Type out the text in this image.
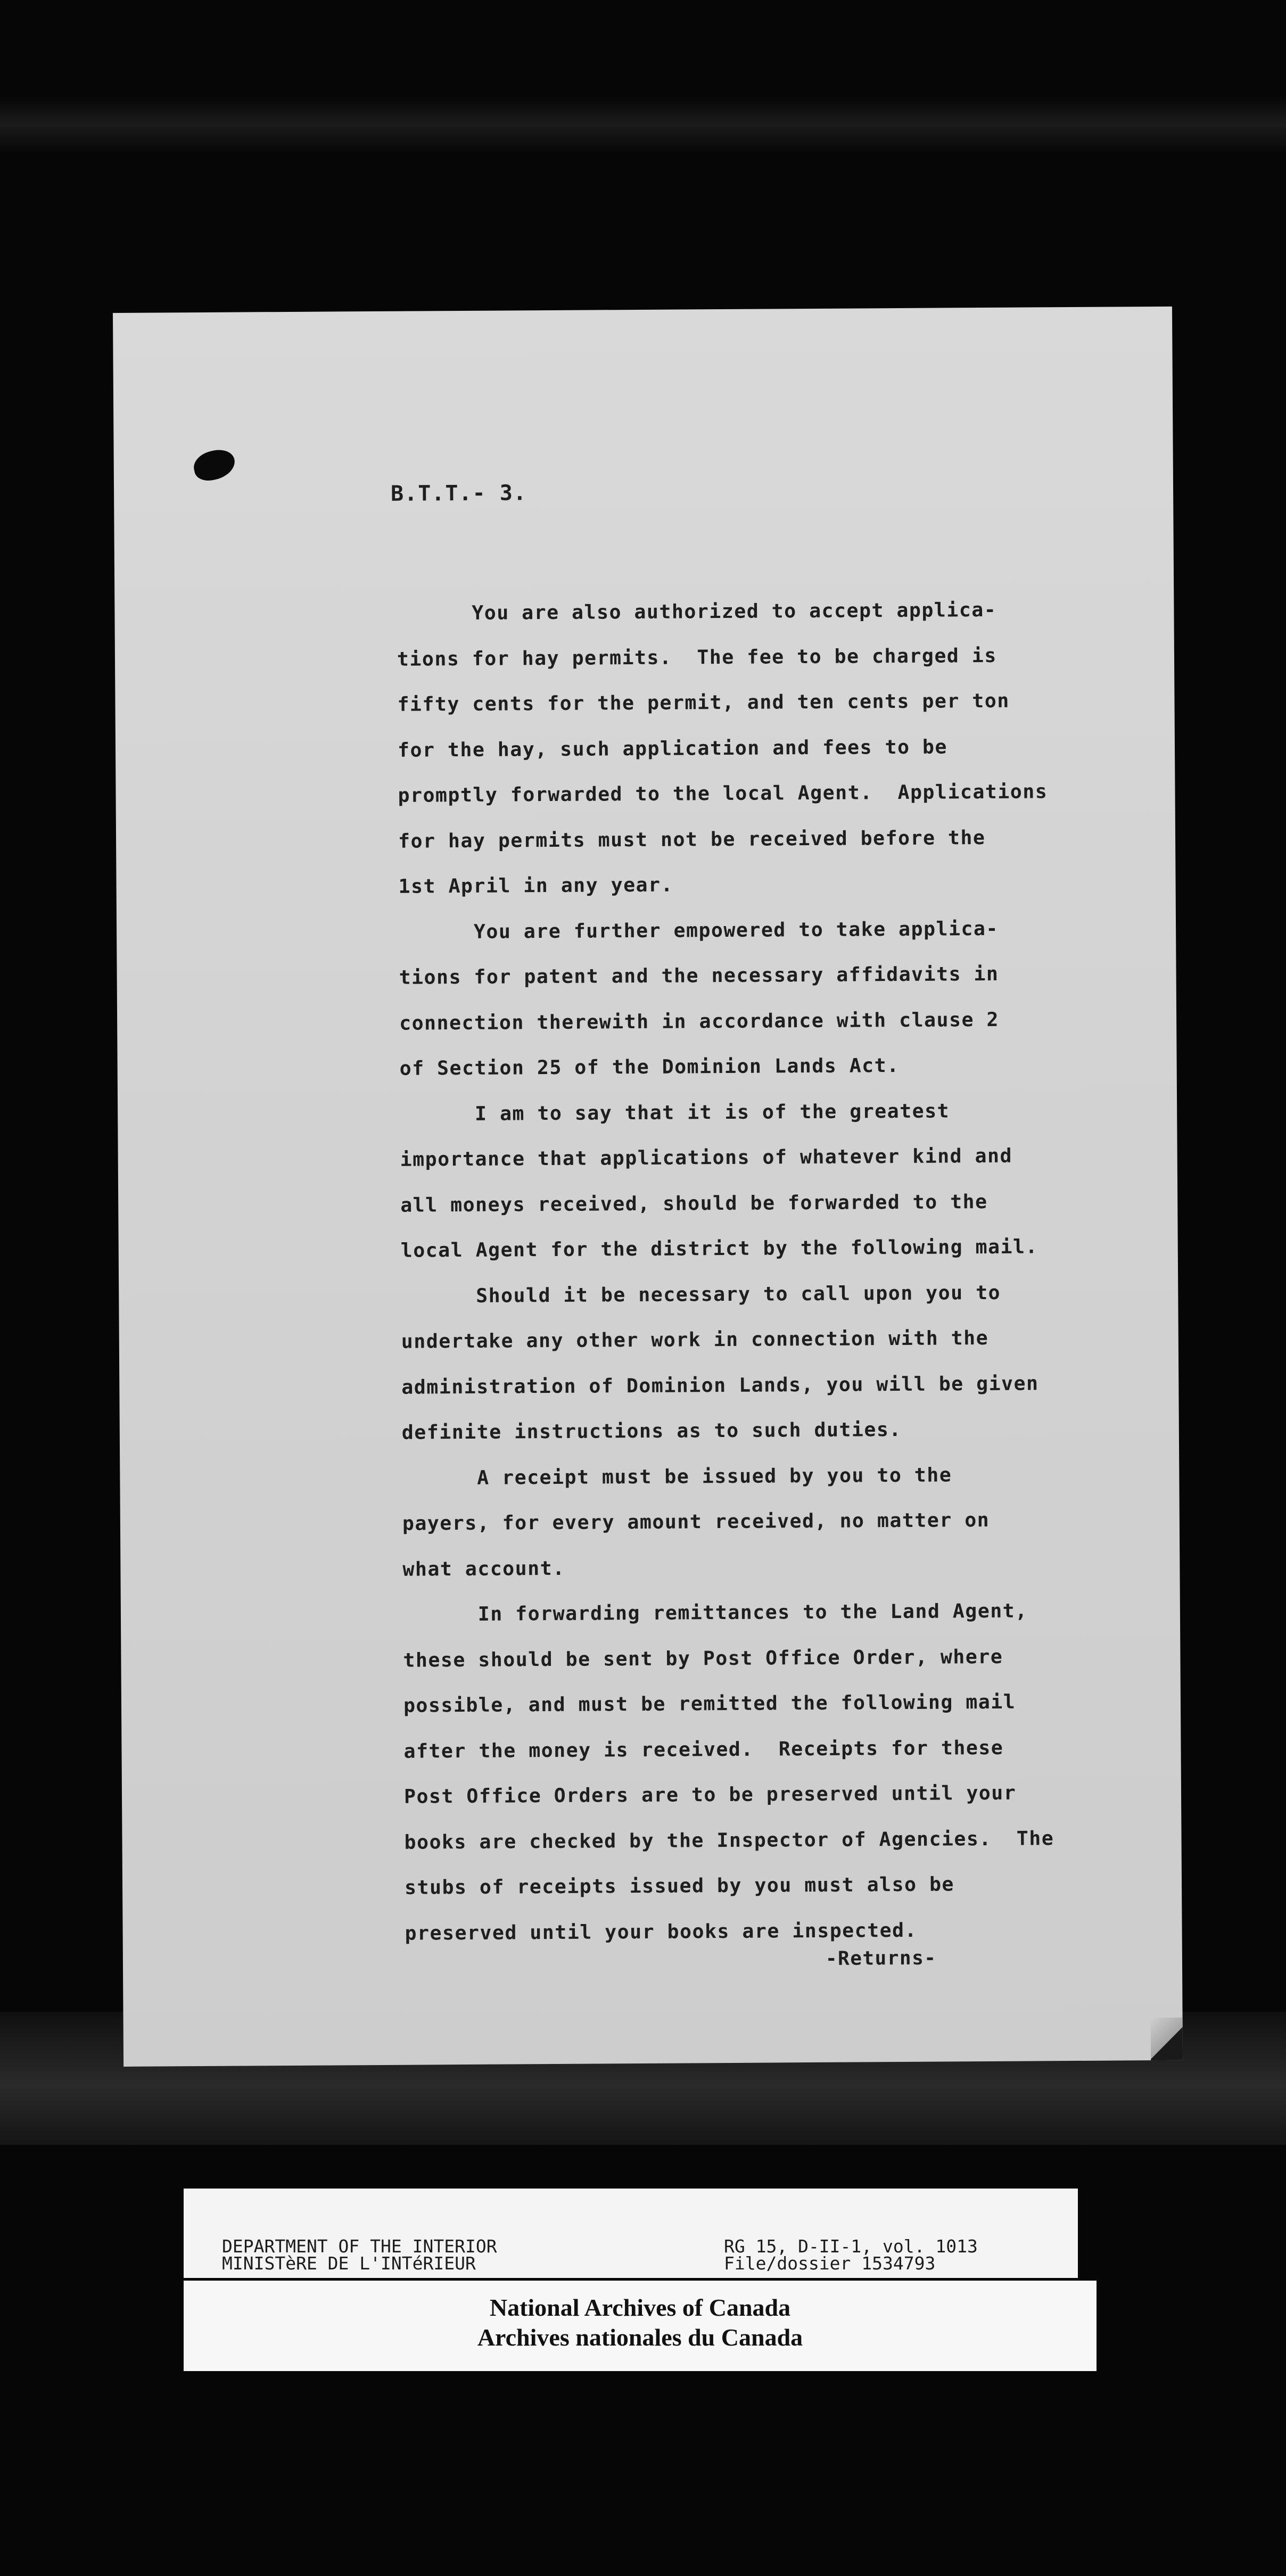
B.T.T.- 3.
You are also authorized to accept applica-
tions for hay permits.  The fee to be charged is
fifty cents for the permit, and ten cents per ton
for the hay, such application and fees to be
promptly forwarded to the local Agent.  Applications
for hay permits must not be received before the
1st April in any year.
You are further empowered to take applica-
tions for patent and the necessary affidavits in
connection therewith in accordance with clause 2
of Section 25 of the Dominion Lands Act.
I am to say that it is of the greatest
importance that applications of whatever kind and
all moneys received, should be forwarded to the
local Agent for the district by the following mail.
Should it be necessary to call upon you to
undertake any other work in connection with the
administration of Dominion Lands, you will be given
definite instructions as to such duties.
A receipt must be issued by you to the
payers, for every amount received, no matter on
what account.
In forwarding remittances to the Land Agent,
these should be sent by Post Office Order, where
possible, and must be remitted the following mail
after the money is received.  Receipts for these
Post Office Orders are to be preserved until your
books are checked by the Inspector of Agencies.  The
stubs of receipts issued by you must also be
preserved until your books are inspected.
-Returns-
DEPARTMENT OF THE INTERIOR
MINISTèRE DE L'INTéRIEUR
RG 15, D-II-1, vol. 1013
File/dossier 1534793
National Archives of Canada
Archives nationales du Canada
